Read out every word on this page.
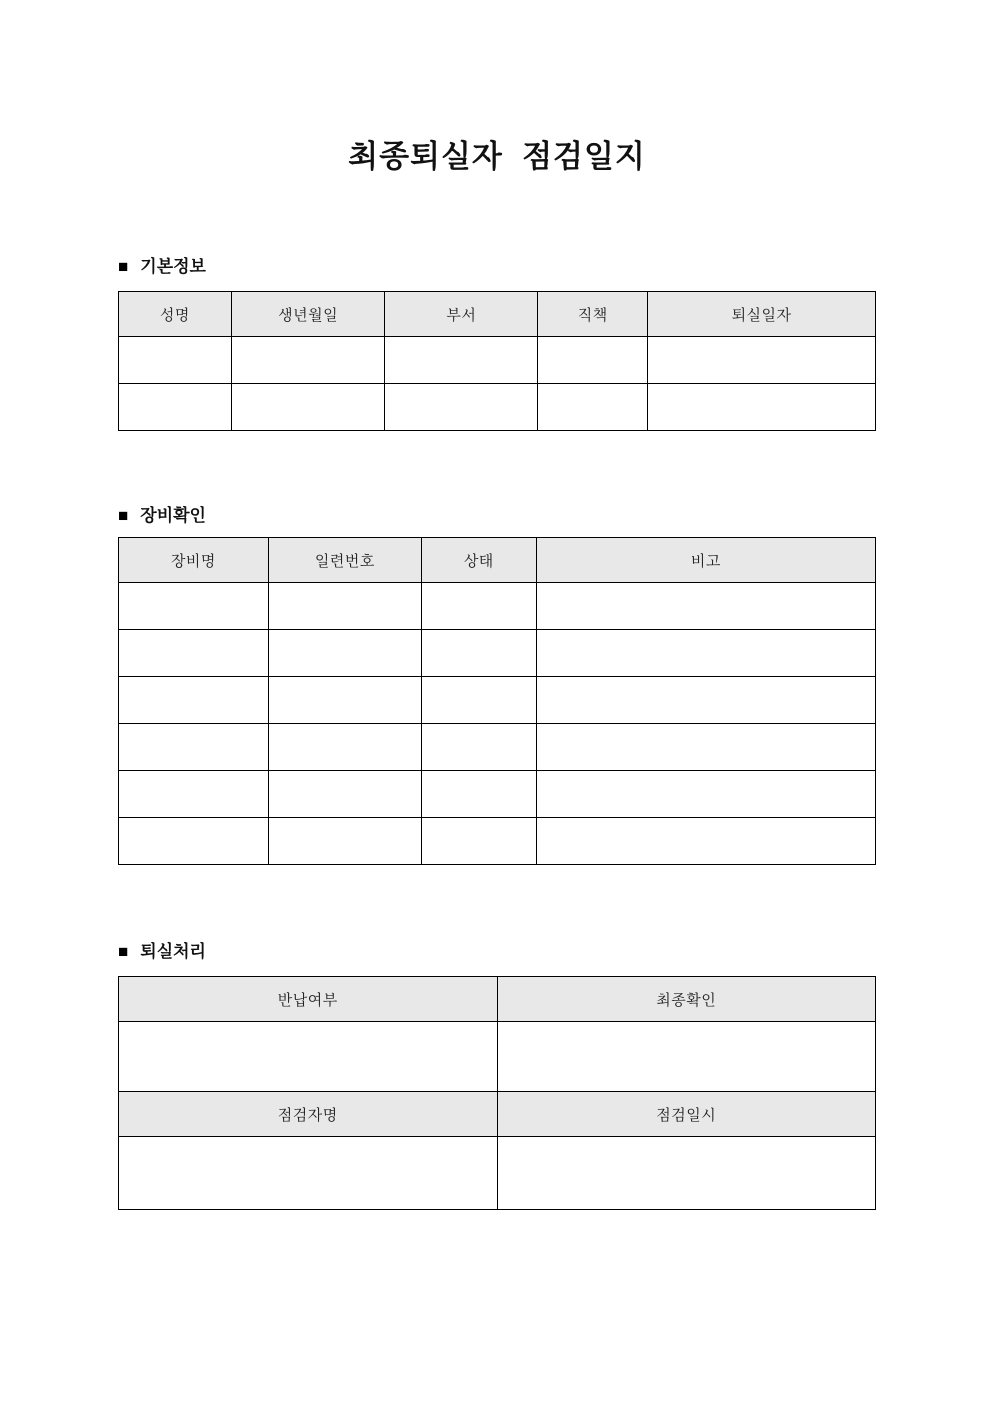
최종퇴실자  점검일지
■ 기본정보
성명	생년월일	부서	직책	퇴실일자

■ 장비확인
장비명	일련번호	상태	비고

■ 퇴실처리
반납여부	최종확인

점검자명	점검일시
